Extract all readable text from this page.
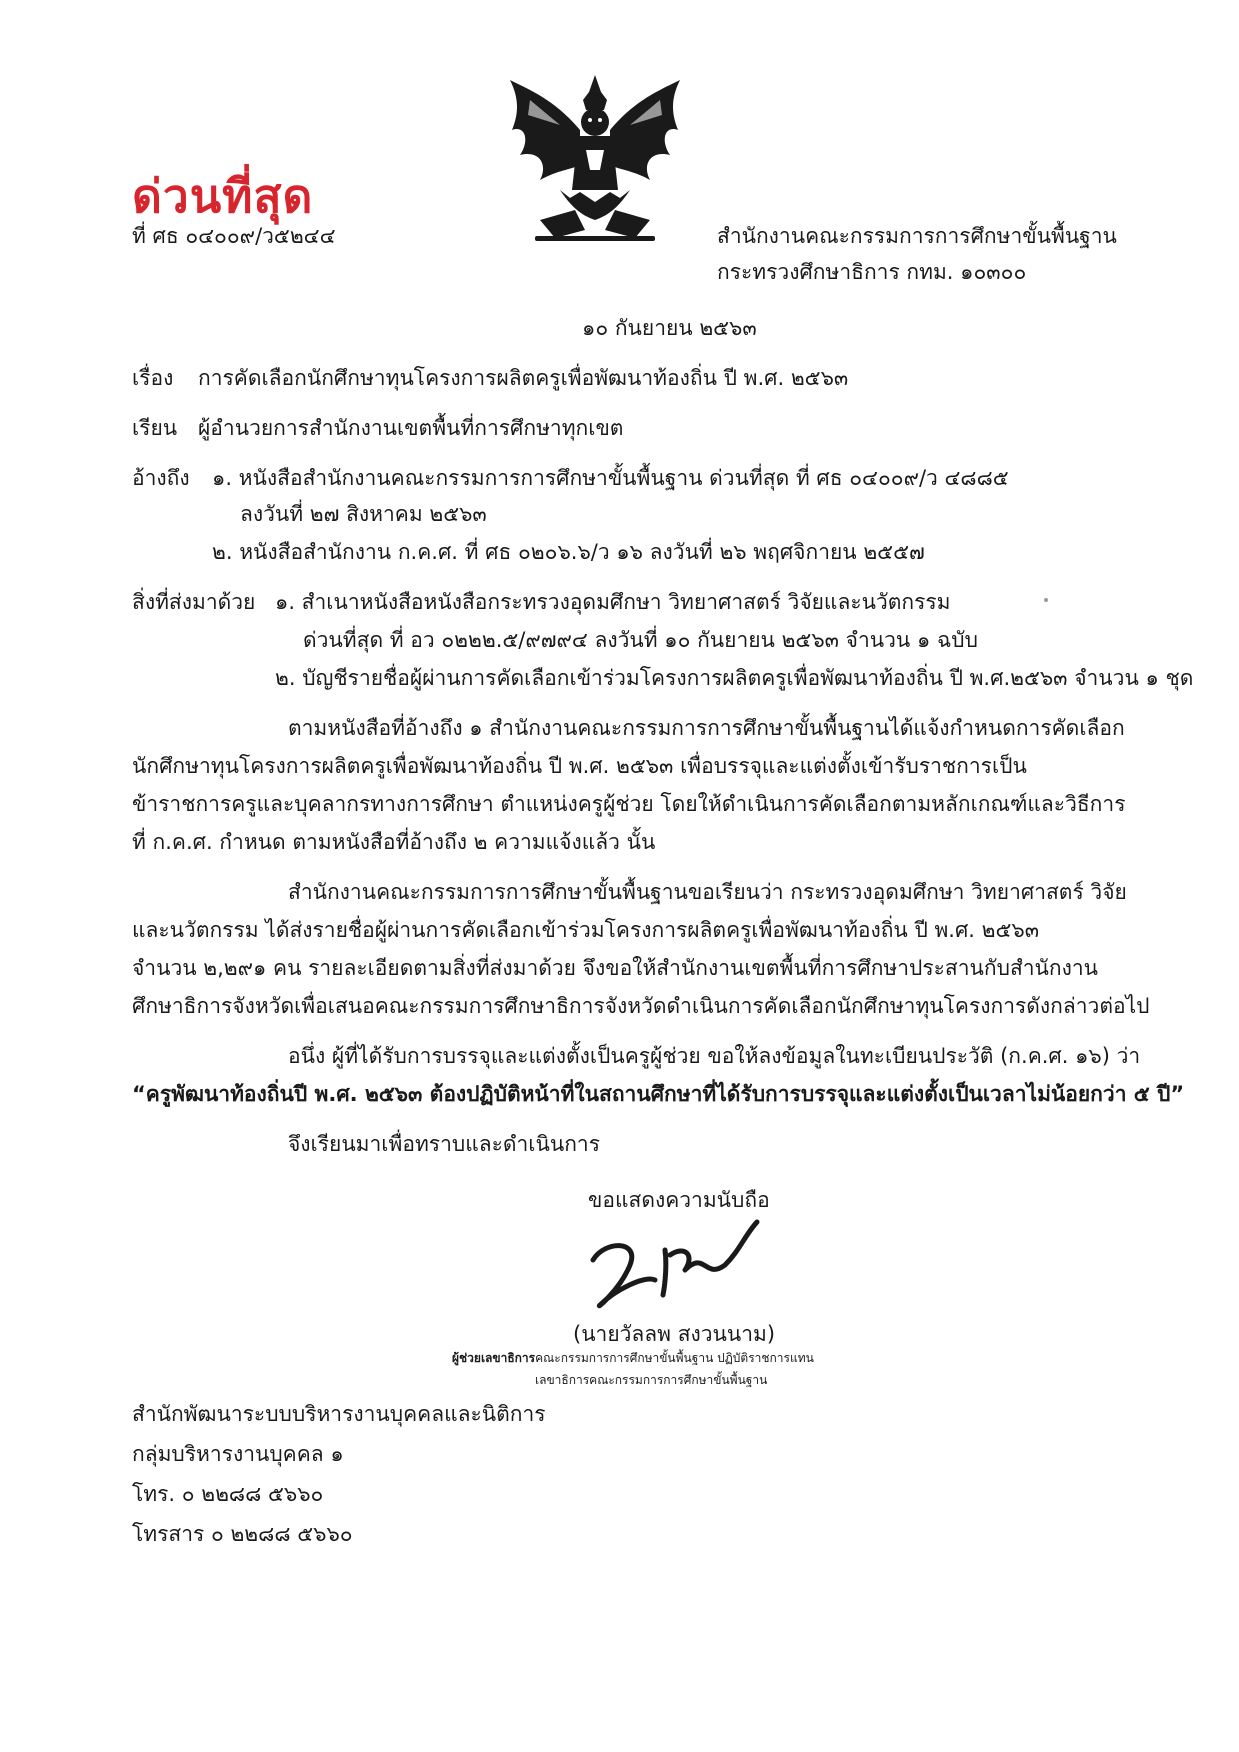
ด่วนที่สุด
ที่ ศธ ๐๔๐๐๙/ว๕๒๔๔	สำนักงานคณะกรรมการการศึกษาขั้นพื้นฐาน
กระทรวงศึกษาธิการ กทม. ๑๐๓๐๐
๑๐ กันยายน ๒๕๖๓
เรื่อง การคัดเลือกนักศึกษาทุนโครงการผลิตครูเพื่อพัฒนาท้องถิ่น ปี พ.ศ. ๒๕๖๓
เรียน ผู้อำนวยการสำนักงานเขตพื้นที่การศึกษาทุกเขต
อ้างถึง ๑. หนังสือสำนักงานคณะกรรมการการศึกษาขั้นพื้นฐาน ด่วนที่สุด ที่ ศธ ๐๔๐๐๙/ว ๔๘๘๕
ลงวันที่ ๒๗ สิงหาคม ๒๕๖๓
๒. หนังสือสำนักงาน ก.ค.ศ. ที่ ศธ ๐๒๐๖.๖/ว ๑๖ ลงวันที่ ๒๖ พฤศจิกายน ๒๕๕๗
สิ่งที่ส่งมาด้วย ๑. สำเนาหนังสือหนังสือกระทรวงอุดมศึกษา วิทยาศาสตร์ วิจัยและนวัตกรรม
ด่วนที่สุด ที่ อว ๐๒๒๒.๕/๙๗๙๔ ลงวันที่ ๑๐ กันยายน ๒๕๖๓ จำนวน ๑ ฉบับ
๒. บัญชีรายชื่อผู้ผ่านการคัดเลือกเข้าร่วมโครงการผลิตครูเพื่อพัฒนาท้องถิ่น ปี พ.ศ.๒๕๖๓ จำนวน ๑ ชุด
ตามหนังสือที่อ้างถึง ๑ สำนักงานคณะกรรมการการศึกษาขั้นพื้นฐานได้แจ้งกำหนดการคัดเลือก
นักศึกษาทุนโครงการผลิตครูเพื่อพัฒนาท้องถิ่น ปี พ.ศ. ๒๕๖๓ เพื่อบรรจุและแต่งตั้งเข้ารับราชการเป็น
ข้าราชการครูและบุคลากรทางการศึกษา ตำแหน่งครูผู้ช่วย โดยให้ดำเนินการคัดเลือกตามหลักเกณฑ์และวิธีการ
ที่ ก.ค.ศ. กำหนด ตามหนังสือที่อ้างถึง ๒ ความแจ้งแล้ว นั้น
สำนักงานคณะกรรมการการศึกษาขั้นพื้นฐานขอเรียนว่า กระทรวงอุดมศึกษา วิทยาศาสตร์ วิจัย
และนวัตกรรม ได้ส่งรายชื่อผู้ผ่านการคัดเลือกเข้าร่วมโครงการผลิตครูเพื่อพัฒนาท้องถิ่น ปี พ.ศ. ๒๕๖๓
จำนวน ๒,๒๙๑ คน รายละเอียดตามสิ่งที่ส่งมาด้วย จึงขอให้สำนักงานเขตพื้นที่การศึกษาประสานกับสำนักงาน
ศึกษาธิการจังหวัดเพื่อเสนอคณะกรรมการศึกษาธิการจังหวัดดำเนินการคัดเลือกนักศึกษาทุนโครงการดังกล่าวต่อไป
อนึ่ง ผู้ที่ได้รับการบรรจุและแต่งตั้งเป็นครูผู้ช่วย ขอให้ลงข้อมูลในทะเบียนประวัติ (ก.ค.ศ. ๑๖) ว่า
“ครูพัฒนาท้องถิ่นปี พ.ศ. ๒๕๖๓ ต้องปฏิบัติหน้าที่ในสถานศึกษาที่ได้รับการบรรจุและแต่งตั้งเป็นเวลาไม่น้อยกว่า ๕ ปี”
จึงเรียนมาเพื่อทราบและดำเนินการ
ขอแสดงความนับถือ
(นายวัลลพ สงวนนาม)
ผู้ช่วยเลขาธิการคณะกรรมการการศึกษาขั้นพื้นฐาน ปฏิบัติราชการแทน
เลขาธิการคณะกรรมการการศึกษาขั้นพื้นฐาน
สำนักพัฒนาระบบบริหารงานบุคคลและนิติการ
กลุ่มบริหารงานบุคคล ๑
โทร. ๐ ๒๒๘๘ ๕๖๖๐
โทรสาร ๐ ๒๒๘๘ ๕๖๖๐
